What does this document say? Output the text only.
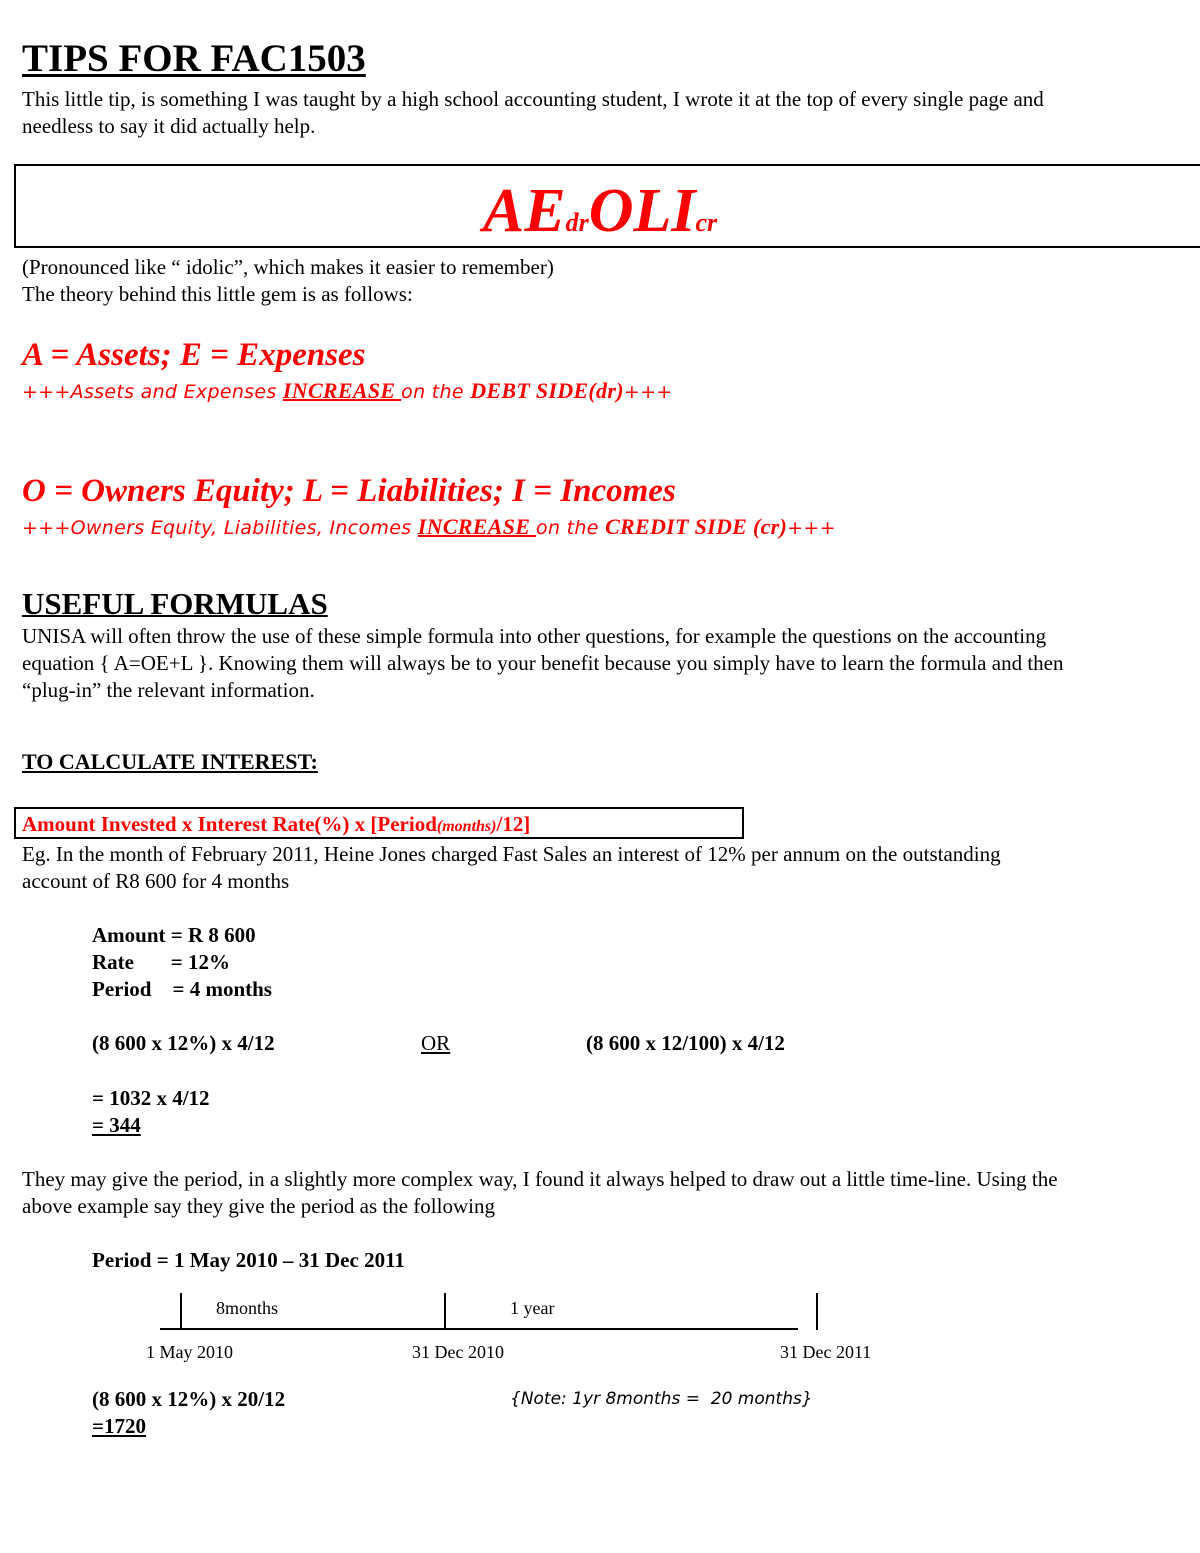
TIPS FOR FAC1503
This little tip, is something I was taught by a high school accounting student, I wrote it at the top of every single page and
needless to say it did actually help.
AEdrOLIcr
(Pronounced like “ idolic”, which makes it easier to remember)
The theory behind this little gem is as follows:
A = Assets; E = Expenses
+++Assets and Expenses INCREASE on the DEBT SIDE(dr)+++
O = Owners Equity; L = Liabilities; I = Incomes
+++Owners Equity, Liabilities, Incomes INCREASE on the CREDIT SIDE (cr)+++
USEFUL FORMULAS
UNISA will often throw the use of these simple formula into other questions, for example the questions on the accounting
equation { A=OE+L }. Knowing them will always be to your benefit because you simply have to learn the formula and then
“plug-in” the relevant information.
TO CALCULATE INTEREST:
Amount Invested x Interest Rate(%) x [Period(months)/12]
Eg. In the month of February 2011, Heine Jones charged Fast Sales an interest of 12% per annum on the outstanding
account of R8 600 for 4 months
Amount = R 8 600
Rate       = 12%
Period    = 4 months
(8 600 x 12%) x 4/12	OR	(8 600 x 12/100) x 4/12
= 1032 x 4/12
= 344
They may give the period, in a slightly more complex way, I found it always helped to draw out a little time-line. Using the
above example say they give the period as the following
Period = 1 May 2010 – 31 Dec 2011
8months	1 year
1 May 2010	31 Dec 2010	31 Dec 2011
(8 600 x 12%) x 20/12	{Note: 1yr 8months =  20 months}
=1720
